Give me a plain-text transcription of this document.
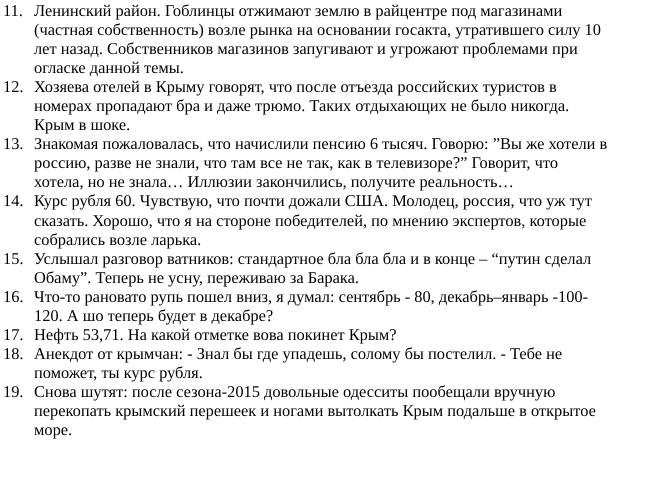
11. Ленинский район. Гоблинцы отжимают землю в райцентре под магазинами
(частная собственность) возле рынка на основании госакта, утратившего силу 10
лет назад. Собственников магазинов запугивают и угрожают проблемами при
огласке данной темы.
12. Хозяева отелей в Крыму говорят, что после отъезда российских туристов в
номерах пропадают бра и даже трюмо. Таких отдыхающих не было никогда.
Крым в шоке.
13. Знакомая пожаловалась, что начислили пенсию 6 тысяч. Говорю: ”Вы же хотели в
россию, разве не знали, что там все не так, как в телевизоре?” Говорит, что
хотела, но не знала… Иллюзии закончились, получите реальность…
14. Курс рубля 60. Чувствую, что почти дожали США. Молодец, россия, что уж тут
сказать. Хорошо, что я на стороне победителей, по мнению экспертов, которые
собрались возле ларька.
15. Услышал разговор ватников: стандартное бла бла бла и в конце – “путин сделал
Обаму”. Теперь не усну, переживаю за Барака.
16. Что-то рановато рупь пошел вниз, я думал: сентябрь - 80, декабрь–январь -100-
120. А шо теперь будет в декабре?
17. Нефть 53,71. На какой отметке вова покинет Крым?
18. Анекдот от крымчан: - Знал бы где упадешь, солому бы постелил. - Тебе не
поможет, ты курс рубля.
19. Снова шутят: после сезона-2015 довольные одесситы пообещали вручную
перекопать крымский перешеек и ногами вытолкать Крым подальше в открытое
море.
